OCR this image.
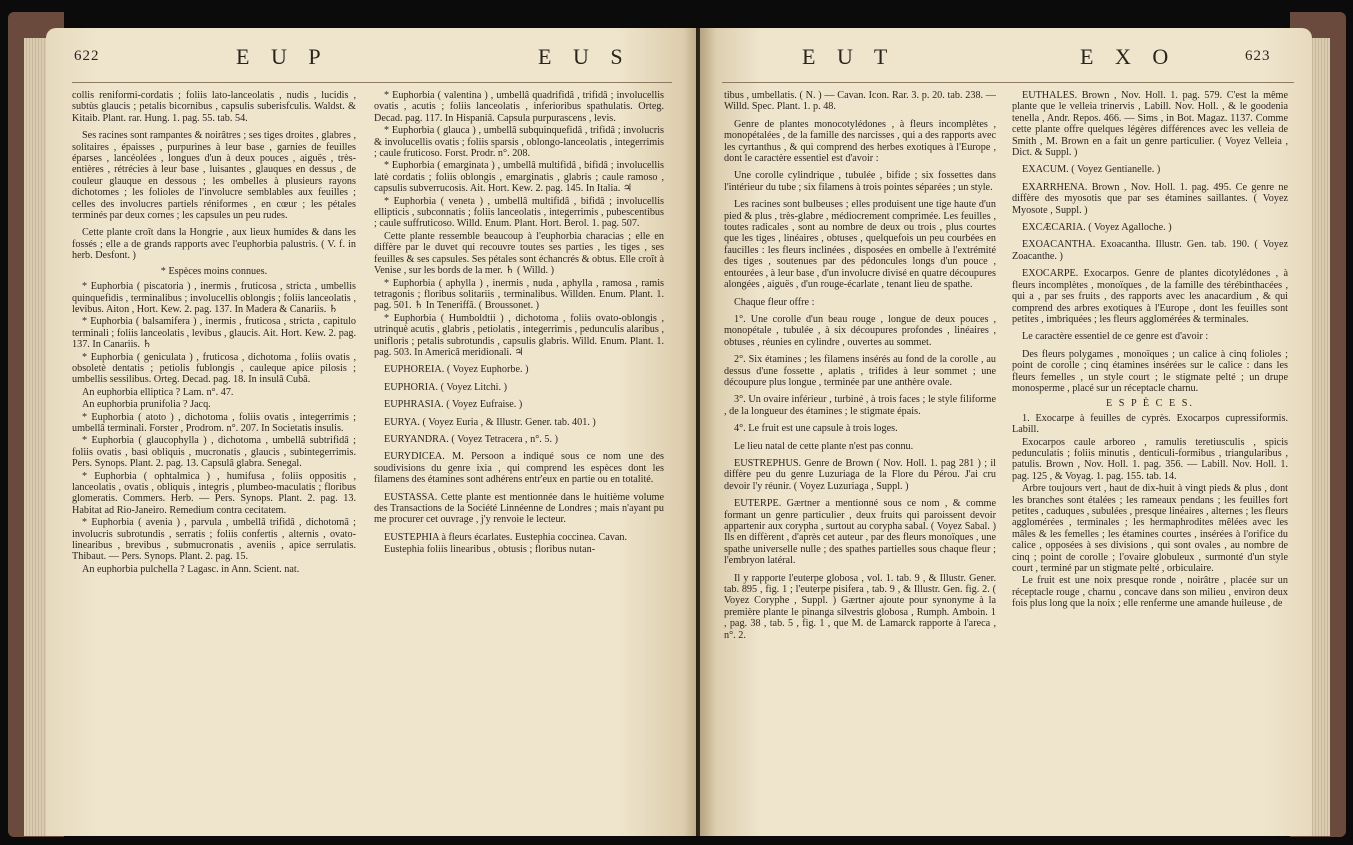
E U P	E U S
622

collis reniformi-cordatis ; foliis lato-lanceolatis , nudis , lucidis , subtùs glaucis ; petalis bicornibus , capsulis suberisfculis. Waldst. & Kitaib. Plant. rar. Hung. 1. pag. 55. tab. 54.

Ses racines sont rampantes & noirâtres ; ses tiges droites , glabres , solitaires , épaisses , purpurines à leur base , garnies de feuilles éparses , lancéolées , longues d'un à deux pouces , aiguës , très-entières , rétrécies à leur base , luisantes , glauques en dessus , de couleur glauque en dessous ; les ombelles à plusieurs rayons dichotomes ; les folioles de l'involucre semblables aux feuilles ; celles des involucres partiels réniformes , en cœur ; les pétales terminés par deux cornes ; les capsules un peu rudes.

Cette plante croît dans la Hongrie , aux lieux humides & dans les fossés ; elle a de grands rapports avec l'euphorbia palustris. ( V. f. in herb. Desfont. )

* Espèces moins connues.

* Euphorbia ( piscatoria ) , inermis , fruticosa , stricta , umbellis quinquefidis , terminalibus ; involucellis oblongis ; foliis lanceolatis , levibus. Aiton , Hort. Kew. 2. pag. 137. In Madera & Canariis. ♄

* Euphorbia ( balsamifera ) , inermis , fruticosa , stricta , capitulo terminali ; foliis lanceolatis , levibus , glaucis. Ait. Hort. Kew. 2. pag. 137. In Canariis. ♄

* Euphorbia ( geniculata ) , fruticosa , dichotoma , foliis ovatis , obsoletè dentatis ; petiolis fublongis , cauleque apice pilosis ; umbellis sessilibus. Orteg. Decad. pag. 18. In insulâ Cubâ.

An euphorbia elliptica ? Lam. n°. 47.

An euphorbia prunifolia ? Jacq.

* Euphorbia ( atoto ) , dichotoma , foliis ovatis , integerrimis ; umbellâ terminali. Forster , Prodrom. n°. 207. In Societatis insulis.

* Euphorbia ( glaucophylla ) , dichotoma , umbellâ subtrifidâ ; foliis ovatis , basi obliquis , mucronatis , glaucis , subintegerrimis. Pers. Synops. Plant. 2. pag. 13. Capsulâ glabra. Senegal.

* Euphorbia ( ophtalmica ) , humifusa , foliis oppositis , lanceolatis , ovatis , obliquis , integris , plumbeo-maculatis ; floribus glomeratis. Commers. Herb. — Pers. Synops. Plant. 2. pag. 13. Habitat ad Rio-Janeiro. Remedium contra cecitatem.

* Euphorbia ( avenia ) , parvula , umbellâ trifidâ , dichotomâ ; involucris subrotundis , serratis ; foliis confertis , alternis , ovato-linearibus , brevibus , submucronatis , aveniis , apice serrulatis. Thibaut. — Pers. Synops. Plant. 2. pag. 15.

An euphorbia pulchella ? Lagasc. in Ann. Scient. nat.

* Euphorbia ( valentina ) , umbellâ quadrifidâ , trifidâ ; involucellis ovatis , acutis ; foliis lanceolatis , inferioribus spathulatis. Orteg. Decad. pag. 117. In Hispaniâ. Capsula purpurascens , levis.

* Euphorbia ( glauca ) , umbellâ subquinquefidâ , trifidâ ; involucris & involucellis ovatis ; foliis sparsis , oblongo-lanceolatis , integerrimis ; caule fruticoso. Forst. Prodr. n°. 208.

* Euphorbia ( emarginata ) , umbellâ multifidâ , bifidâ ; involucellis latè cordatis ; foliis oblongis , emarginatis , glabris ; caule ramoso , capsulis subverrucosis. Ait. Hort. Kew. 2. pag. 145. In Italia. ♃

* Euphorbia ( veneta ) , umbellâ multifidâ , bifidâ ; involucellis ellipticis , subconnatis ; foliis lanceolatis , integerrimis , pubescentibus ; caule suffruticoso. Willd. Enum. Plant. Hort. Berol. 1. pag. 507.

Cette plante ressemble beaucoup à l'euphorbia characias ; elle en diffère par le duvet qui recouvre toutes ses parties , les tiges , ses feuilles & ses capsules. Ses pétales sont échancrés & obtus. Elle croît à Venise , sur les bords de la mer. ♄ ( Willd. )

* Euphorbia ( aphylla ) , inermis , nuda , aphylla , ramosa , ramis tetragonis ; floribus solitariis , terminalibus. Willden. Enum. Plant. 1. pag. 501. ♄ In Teneriffâ. ( Broussonet. )

* Euphorbia ( Humboldtii ) , dichotoma , foliis ovato-oblongis , utrinquè acutis , glabris , petiolatis , integerrimis , pedunculis alaribus , unifloris ; petalis subrotundis , capsulis glabris. Willd. Enum. Plant. 1. pag. 503. In Americâ meridionali. ♃

EUPHOREIA. ( Voyez Euphorbe. )

EUPHORIA. ( Voyez Litchi. )

EUPHRASIA. ( Voyez Eufraise. )

EURYA. ( Voyez Euria , & Illustr. Gener. tab. 401. )

EURYANDRA. ( Voyez Tetracera , n°. 5. )

EURYDICEA. M. Persoon a indiqué sous ce nom une des soudivisions du genre ixia , qui comprend les espèces dont les filamens des étamines sont adhérens entr'eux en partie ou en totalité.

EUSTASSA. Cette plante est mentionnée dans le huitième volume des Transactions de la Société Linnéenne de Londres ; mais n'ayant pu me procurer cet ouvrage , j'y renvoie le lecteur.

EUSTEPHIA à fleurs écarlates. Eustephia coccinea. Cavan.

Eustephia foliis linearibus , obtusis ; floribus nutan-

E U T	E X O	623

tibus , umbellatis. ( N. ) — Cavan. Icon. Rar. 3. p. 20. tab. 238. — Willd. Spec. Plant. 1. p. 48.

Genre de plantes monocotylédones , à fleurs incomplètes , monopétalées , de la famille des narcisses , qui a des rapports avec les cyrtanthus , & qui comprend des herbes exotiques à l'Europe , dont le caractère essentiel est d'avoir :

Une corolle cylindrique , tubulée , bifide ; six fossettes dans l'intérieur du tube ; six filamens à trois pointes séparées ; un style.

Les racines sont bulbeuses ; elles produisent une tige haute d'un pied & plus , très-glabre , médiocrement comprimée. Les feuilles , toutes radicales , sont au nombre de deux ou trois , plus courtes que les tiges , linéaires , obtuses , quelquefois un peu courbées en faucilles : les fleurs inclinées , disposées en ombelle à l'extrémité des tiges , soutenues par des pédoncules longs d'un pouce , entourées , à leur base , d'un involucre divisé en quatre découpures alongées , aiguës , d'un rouge-écarlate , tenant lieu de spathe.

Chaque fleur offre :

1°. Une corolle d'un beau rouge , longue de deux pouces , monopétale , tubulée , à six découpures profondes , linéaires , obtuses , réunies en cylindre , ouvertes au sommet.

2°. Six étamines ; les filamens insérés au fond de la corolle , au dessus d'une fossette , aplatis , trifides à leur sommet ; une découpure plus longue , terminée par une anthère ovale.

3°. Un ovaire inférieur , turbiné , à trois faces ; le style filiforme , de la longueur des étamines ; le stigmate épais.

4°. Le fruit est une capsule à trois loges.

Le lieu natal de cette plante n'est pas connu.

EUSTREPHUS. Genre de Brown ( Nov. Holl. 1. pag 281 ) ; il diffère peu du genre Luzuriaga de la Flore du Pérou. J'ai cru devoir l'y réunir. ( Voyez Luzuriaga , Suppl. )

EUTERPE. Gærtner a mentionné sous ce nom , & comme formant un genre particulier , deux fruits qui paroissent devoir appartenir aux corypha , surtout au corypha sabal. ( Voyez Sabal. ) Ils en diffèrent , d'après cet auteur , par des fleurs monoïques , une spathe universelle nulle ; des spathes partielles sous chaque fleur ; l'embryon latéral.

Il y rapporte l'euterpe globosa , vol. 1. tab. 9 , & Illustr. Gener. tab. 895 , fig. 1 ; l'euterpe pisifera , tab. 9 , & Illustr. Gen. fig. 2. ( Voyez Coryphe , Suppl. ) Gærtner ajoute pour synonyme à la première plante le pinanga silvestris globosa , Rumph. Amboin. 1 , pag. 38 , tab. 5 , fig. 1 , que M. de Lamarck rapporte à l'areca , n°. 2.

EUTHALES. Brown , Nov. Holl. 1. pag. 579. C'est la même plante que le velleia trinervis , Labill. Nov. Holl. , & le goodenia tenella , Andr. Repos. 466. — Sims , in Bot. Magaz. 1137. Comme cette plante offre quelques légères différences avec les velleia de Smith , M. Brown en a fait un genre particulier. ( Voyez Velleia , Dict. & Suppl. )

EXACUM. ( Voyez Gentianelle. )

EXARRHENA. Brown , Nov. Holl. 1. pag. 495. Ce genre ne diffère des myosotis que par ses étamines saillantes. ( Voyez Myosote , Suppl. )

EXCÆCARIA. ( Voyez Agalloche. )

EXOACANTHA. Exoacantha. Illustr. Gen. tab. 190. ( Voyez Zoacanthe. )

EXOCARPE. Exocarpos. Genre de plantes dicotylédones , à fleurs incomplètes , monoïques , de la famille des térébinthacées , qui a , par ses fruits , des rapports avec les anacardium , & qui comprend des arbres exotiques à l'Europe , dont les feuilles sont petites , imbriquées ; les fleurs agglomérées & terminales.

Le caractère essentiel de ce genre est d'avoir :

Des fleurs polygames , monoïques ; un calice à cinq folioles ; point de corolle ; cinq étamines insérées sur le calice : dans les fleurs femelles , un style court ; le stigmate pelté ; un drupe monosperme , placé sur un réceptacle charnu.

E S P È C E S.

1. Exocarpe à feuilles de cyprès. Exocarpos cupressiformis. Labill.

Exocarpos caule arboreo , ramulis teretiusculis , spicis pedunculatis ; foliis minutis , denticuli-formibus , triangularibus , patulis. Brown , Nov. Holl. 1. pag. 356. — Labill. Nov. Holl. 1. pag. 125 , & Voyag. 1. pag. 155. tab. 14.

Arbre toujours vert , haut de dix-huit à vingt pieds & plus , dont les branches sont étalées ; les rameaux pendans ; les feuilles fort petites , caduques , subulées , presque linéaires , alternes ; les fleurs agglomérées , terminales ; les hermaphrodites mêlées avec les mâles & les femelles ; les étamines courtes , insérées à l'orifice du calice , opposées à ses divisions , qui sont ovales , au nombre de cinq ; point de corolle ; l'ovaire globuleux , surmonté d'un style court , terminé par un stigmate pelté , orbiculaire.

Le fruit est une noix presque ronde , noirâtre , placée sur un réceptacle rouge , charnu , concave dans son milieu , environ deux fois plus long que la noix ; elle renferme une amande huileuse , de
